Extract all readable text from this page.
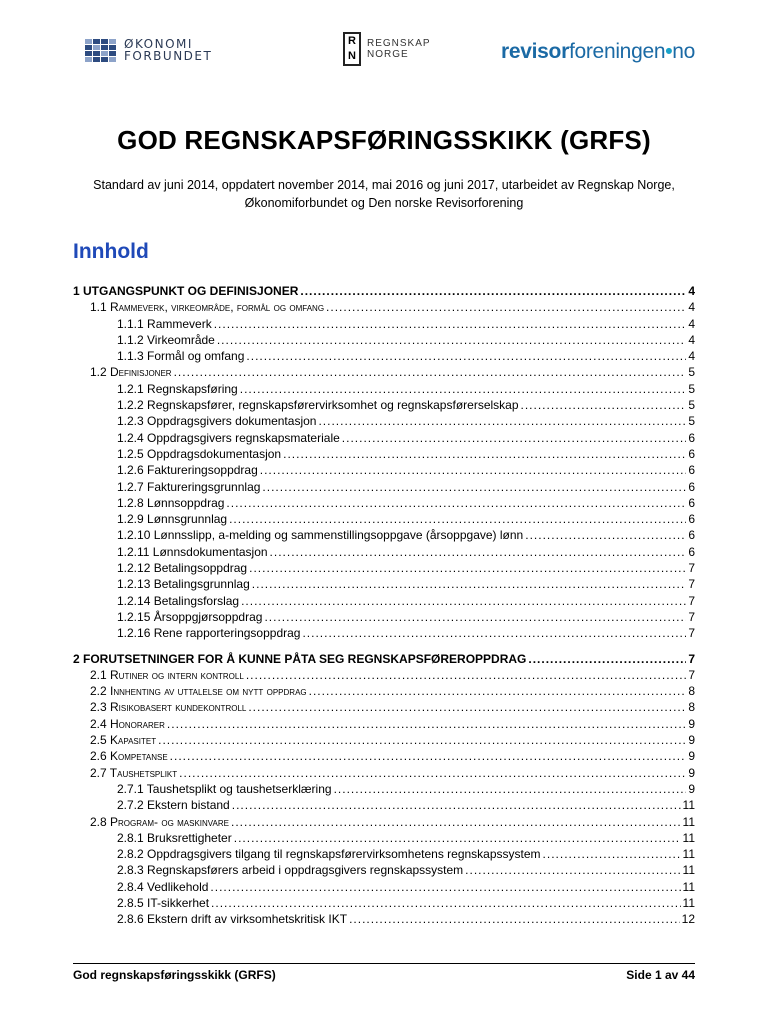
ØKONOMI
FORBUNDET
R
N
REGNSKAP
NORGE	revisorforeningen•no
GOD REGNSKAPSFØRINGSSKIKK (GRFS)
Standard av juni 2014, oppdatert november 2014, mai 2016 og juni 2017, utarbeidet av Regnskap Norge, Økonomiforbundet og Den norske Revisorforening
Innhold
1 UTGANGSPUNKT OG DEFINISJONER .....	4
1.1 Rammeverk, virkeområde, formål og omfang .....	4
1.1.1 Rammeverk .....	4
1.1.2 Virkeområde .....	4
1.1.3 Formål og omfang .....	4
1.2 Definisjoner .....	5
1.2.1 Regnskapsføring .....	5
1.2.2 Regnskapsfører, regnskapsførervirksomhet og regnskapsførerselskap .....	5
1.2.3 Oppdragsgivers dokumentasjon .....	5
1.2.4 Oppdragsgivers regnskapsmateriale .....	6
1.2.5 Oppdragsdokumentasjon .....	6
1.2.6 Faktureringsoppdrag .....	6
1.2.7 Faktureringsgrunnlag .....	6
1.2.8 Lønnsoppdrag .....	6
1.2.9 Lønnsgrunnlag .....	6
1.2.10 Lønnsslipp, a-melding og sammenstillingsoppgave (årsoppgave) lønn .....	6
1.2.11 Lønnsdokumentasjon .....	6
1.2.12 Betalingsoppdrag .....	7
1.2.13 Betalingsgrunnlag .....	7
1.2.14 Betalingsforslag .....	7
1.2.15 Årsoppgjørsoppdrag .....	7
1.2.16 Rene rapporteringsoppdrag .....	7
2 FORUTSETNINGER FOR Å KUNNE PÅTA SEG REGNSKAPSFØREROPPDRAG .....	7
2.1 Rutiner og intern kontroll .....	7
2.2 Innhenting av uttalelse om nytt oppdrag .....	8
2.3 Risikobasert kundekontroll .....	8
2.4 Honorarer .....	9
2.5 Kapasitet .....	9
2.6 Kompetanse .....	9
2.7 Taushetsplikt .....	9
2.7.1 Taushetsplikt og taushetserklæring .....	9
2.7.2 Ekstern bistand .....	11
2.8 Program- og maskinvare .....	11
2.8.1 Bruksrettigheter .....	11
2.8.2 Oppdragsgivers tilgang til regnskapsførervirksomhetens regnskapssystem .....	11
2.8.3 Regnskapsførers arbeid i oppdragsgivers regnskapssystem .....	11
2.8.4 Vedlikehold .....	11
2.8.5 IT-sikkerhet .....	11
2.8.6 Ekstern drift av virksomhetskritisk IKT .....	12
God regnskapsføringsskikk (GRFS)	Side 1 av 44
